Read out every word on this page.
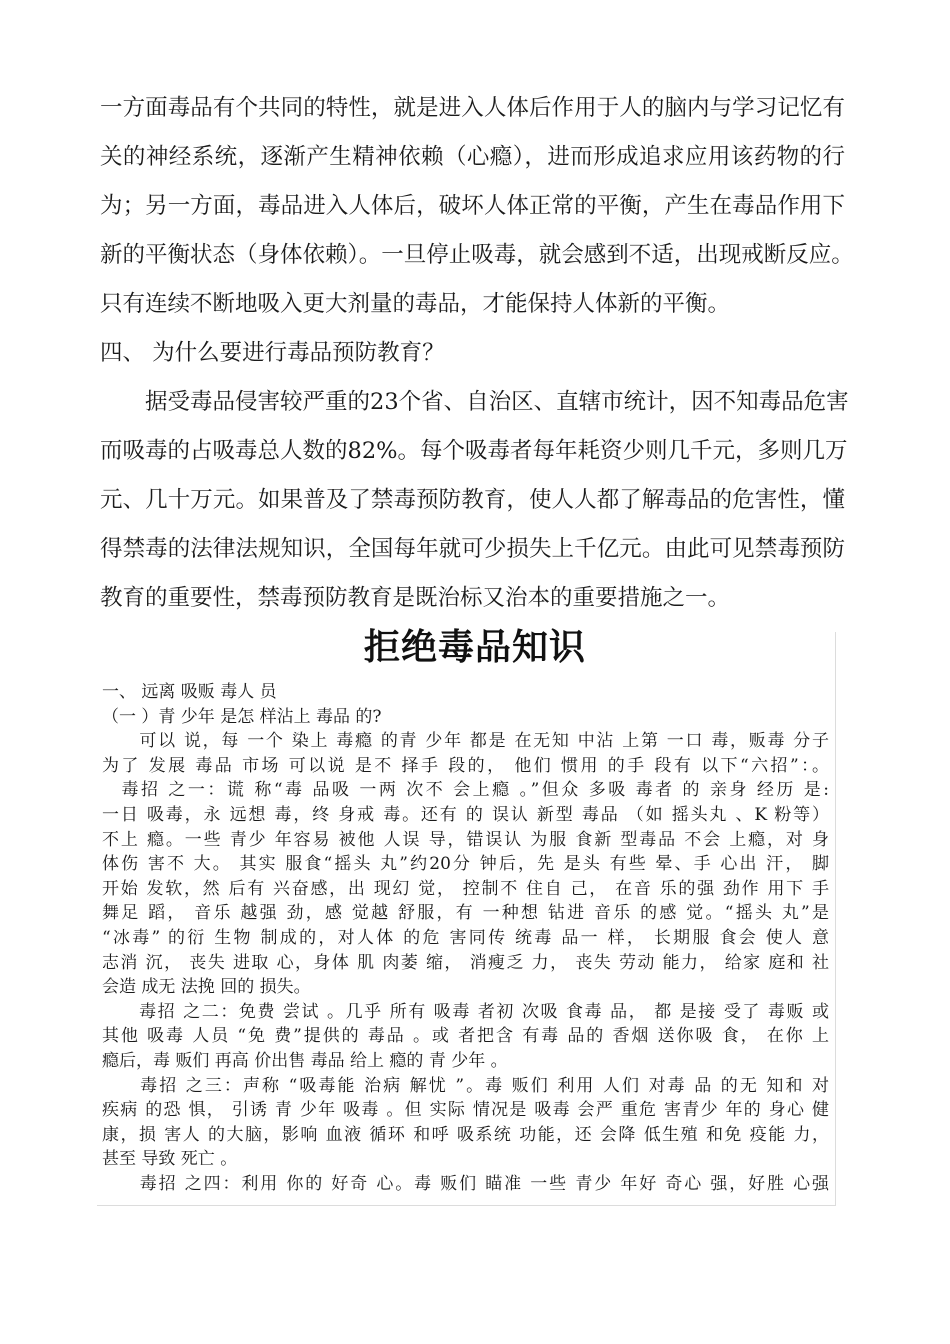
一方面毒品有个共同的特性，就是进入人体后作用于人的脑内与学习记忆有
关的神经系统，逐渐产生精神依赖（心瘾），进而形成追求应用该药物的行
为；另一方面，毒品进入人体后，破坏人体正常的平衡，产生在毒品作用下
新的平衡状态（身体依赖）。一旦停止吸毒，就会感到不适，出现戒断反应。
只有连续不断地吸入更大剂量的毒品，才能保持人体新的平衡。
四、 为什么要进行毒品预防教育？
　　据受毒品侵害较严重的23个省、自治区、直辖市统计，因不知毒品危害
而吸毒的占吸毒总人数的82%。每个吸毒者每年耗资少则几千元，多则几万
元、几十万元。如果普及了禁毒预防教育，使人人都了解毒品的危害性，懂
得禁毒的法律法规知识，全国每年就可少损失上千亿元。由此可见禁毒预防
教育的重要性，禁毒预防教育是既治标又治本的重要措施之一。
拒绝毒品知识
一、 远离 吸贩 毒人 员
（一 ）青 少年 是怎 样沾上 毒品 的?
　　可以 说，每 一个 染上 毒瘾 的青 少年 都是 在无知 中沾 上第 一口 毒，贩毒 分子
为了 发展 毒品 市场 可以说 是不 择手 段的， 他们 惯用 的手 段有 以下“六招”：。
　毒招 之一：谎 称“毒 品吸 一两 次不 会上瘾 。”但众 多吸 毒者 的 亲身 经历 是:
一日 吸毒，永 远想 毒，终 身戒 毒。还有 的 误认 新型 毒品 （如 摇头丸 、K 粉等）
不上 瘾。一些 青少 年容易 被他 人误 导，错误认 为服 食新 型毒品 不会 上瘾，对 身
体伤 害不 大。 其实 服食“摇头 丸”约20分 钟后，先 是头 有些 晕、手 心出 汗， 脚
开始 发软，然 后有 兴奋感，出 现幻 觉， 控制不 住自 己， 在音 乐的强 劲作 用下 手
舞足 蹈， 音乐 越强 劲，感 觉越 舒服，有 一种想 钻进 音乐 的感 觉。“摇头 丸”是
“冰毒” 的衍 生物 制成的，对人体 的危 害同传 统毒 品一 样， 长期服 食会 使人 意
志消 沉， 丧失 进取 心，身体 肌 肉萎 缩， 消瘦乏 力， 丧失 劳动 能力， 给家 庭和 社
会造 成无 法挽 回的 损失。
　　毒招 之二：免费 尝试 。几乎 所有 吸毒 者初 次吸 食毒 品， 都 是接 受了 毒贩 或
其他 吸毒 人员 “免 费”提供的 毒品 。或 者把含 有毒 品的 香烟 送你吸 食， 在你 上
瘾后，毒 贩们 再高 价出售 毒品 给上 瘾的 青 少年 。
　　毒招 之三：声称 “吸毒能 治病 解忧 ”。毒 贩们 利用 人们 对毒 品 的无 知和 对
疾病 的恐 惧， 引诱 青 少年 吸毒 。但 实际 情况是 吸毒 会严 重危 害青少 年的 身心 健
康，损 害人 的大脑，影响 血液 循环 和呼 吸系统 功能，还 会降 低生殖 和免 疫能 力，
甚至 导致 死亡 。
　　毒招 之四：利用 你的 好奇 心。毒 贩们 瞄准 一些 青少 年好 奇心 强，好胜 心强
